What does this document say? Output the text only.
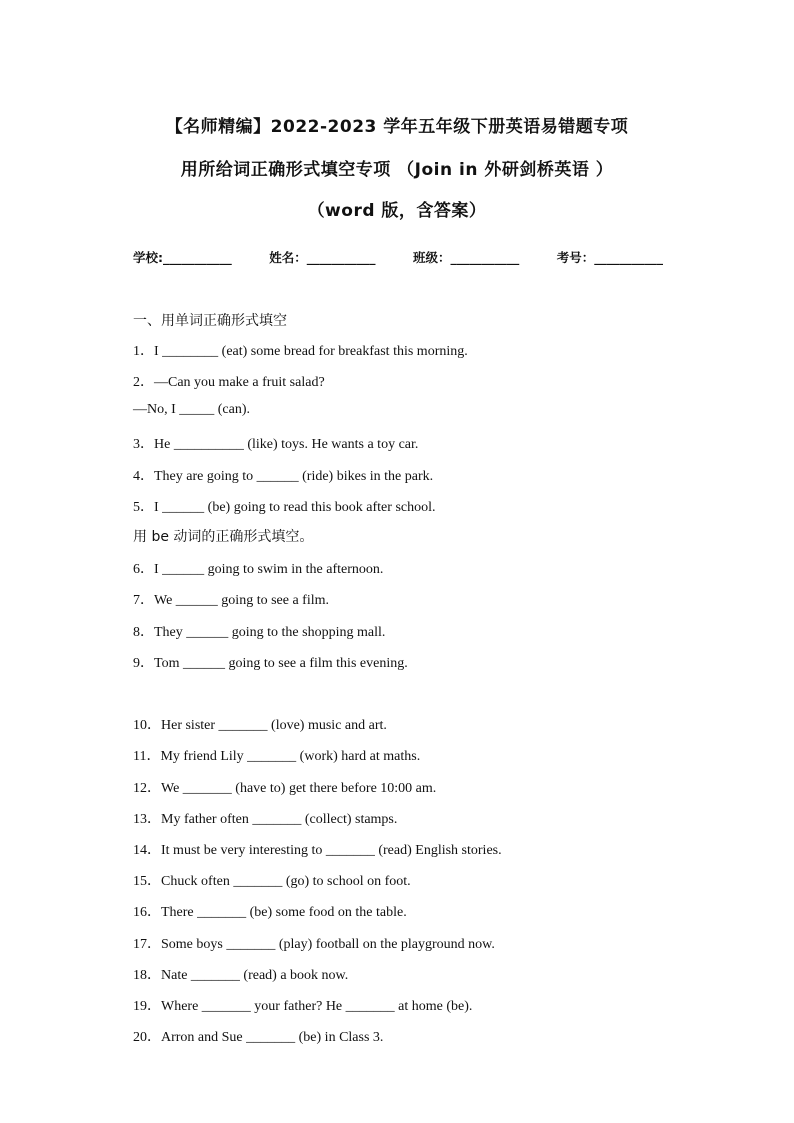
【名师精编】2022-2023 学年五年级下册英语易错题专项
用所给词正确形式填空专项 （Join in 外研剑桥英语 ）
（word 版，含答案）
学校:___________	姓名：___________	班级：___________	考号：___________
一、用单词正确形式填空
1．I ________ (eat) some bread for breakfast this morning.
2．—Can you make a fruit salad?
—No, I _____ (can).
3．He __________ (like) toys. He wants a toy car.
4．They are going to ______ (ride) bikes in the park.
5．I ______ (be) going to read this book after school.
用 be 动词的正确形式填空。
6．I ______ going to swim in the afternoon.
7．We ______ going to see a film.
8．They ______ going to the shopping mall.
9．Tom ______ going to see a film this evening.
10．Her sister _______ (love) music and art.
11．My friend Lily _______ (work) hard at maths.
12．We _______ (have to) get there before 10:00 am.
13．My father often _______ (collect) stamps.
14．It must be very interesting to _______ (read) English stories.
15．Chuck often _______ (go) to school on foot.
16．There _______ (be) some food on the table.
17．Some boys _______ (play) football on the playground now.
18．Nate _______ (read) a book now.
19．Where _______ your father? He _______ at home (be).
20．Arron and Sue _______ (be) in Class 3.
